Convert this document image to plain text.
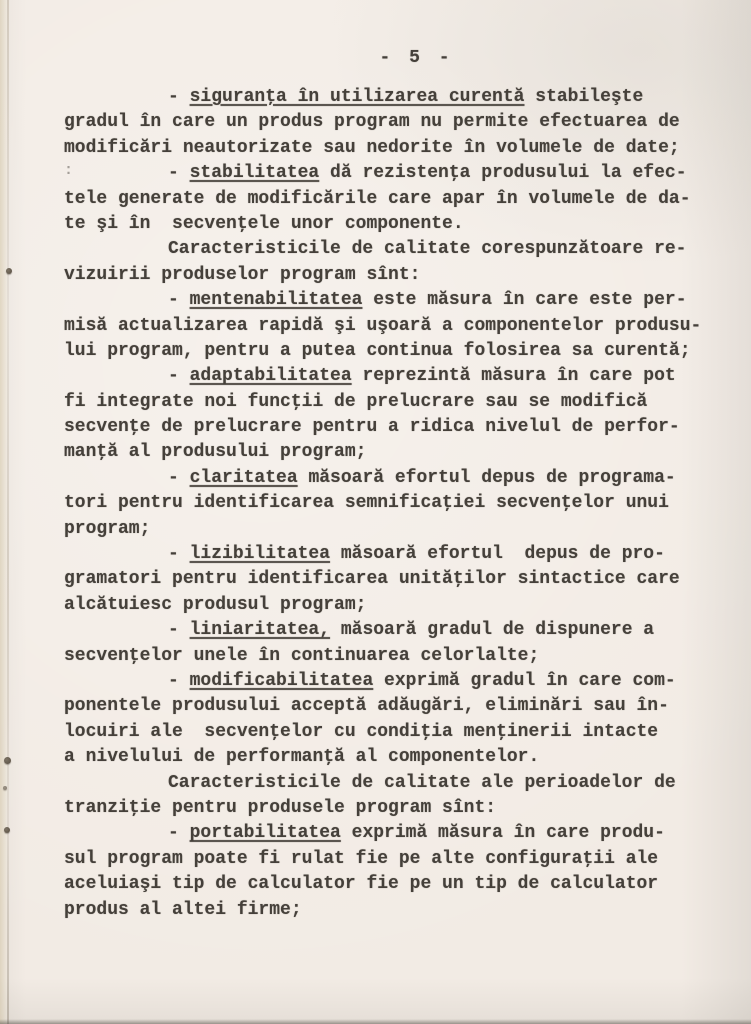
:
- 5 -
- siguranţa în utilizarea curentă stabileşte
gradul în care un produs program nu permite efectuarea de
modificări neautorizate sau nedorite în volumele de date;
- stabilitatea dă rezistenţa produsului la efec-
tele generate de modificările care apar în volumele de da-
te şi în  secvenţele unor componente.
Caracteristicile de calitate corespunzătoare re-
vizuirii produselor program sînt:
- mentenabilitatea este măsura în care este per-
misă actualizarea rapidă şi uşoară a componentelor produsu-
lui program, pentru a putea continua folosirea sa curentă;
- adaptabilitatea reprezintă măsura în care pot
fi integrate noi funcţii de prelucrare sau se modifică
secvenţe de prelucrare pentru a ridica nivelul de perfor-
manţă al produsului program;
- claritatea măsoară efortul depus de programa-
tori pentru identificarea semnificaţiei secvenţelor unui
program;
- lizibilitatea măsoară efortul  depus de pro-
gramatori pentru identificarea unităţilor sintactice care
alcătuiesc produsul program;
- liniaritatea, măsoară gradul de dispunere a
secvenţelor unele în continuarea celorlalte;
- modificabilitatea exprimă gradul în care com-
ponentele produsului acceptă adăugări, eliminări sau în-
locuiri ale  secvenţelor cu condiţia menţinerii intacte
a nivelului de performanţă al componentelor.
Caracteristicile de calitate ale perioadelor de
tranziţie pentru produsele program sînt:
- portabilitatea exprimă măsura în care produ-
sul program poate fi rulat fie pe alte configuraţii ale
aceluiaşi tip de calculator fie pe un tip de calculator
produs al altei firme;
